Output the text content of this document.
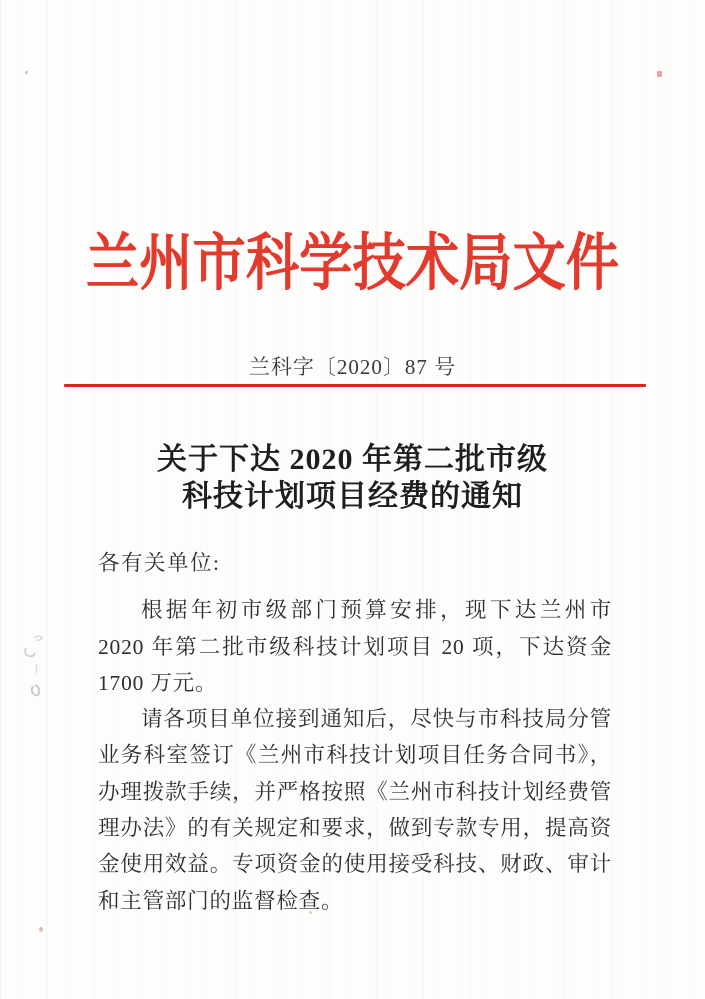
兰州市科学技术局文件
兰科字〔2020〕87 号
关于下达 2020 年第二批市级
科技计划项目经费的通知

各有关单位:

根据年初市级部门预算安排，现下达兰州市 2020 年第二批市级科技计划项目 20 项，下达资金 1700 万元。

请各项目单位接到通知后，尽快与市科技局分管业务科室签订《兰州市科技计划项目任务合同书》，办理拨款手续，并严格按照《兰州市科技计划经费管理办法》的有关规定和要求，做到专款专用，提高资金使用效益。专项资金的使用接受科技、财政、审计和主管部门的监督检查。
